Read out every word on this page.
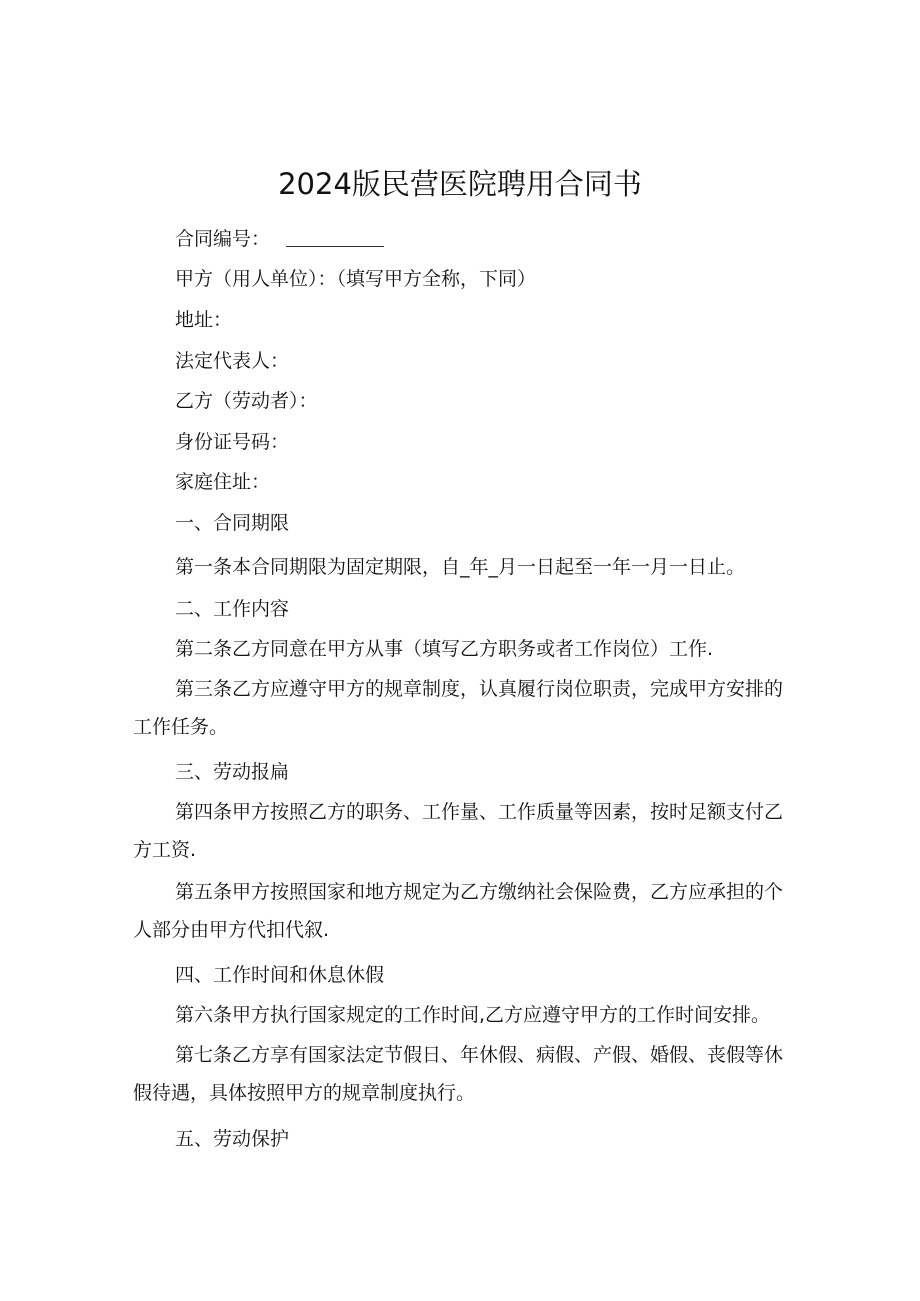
2024版民营医院聘用合同书
合同编号：
甲方（用人单位）：（填写甲方全称，下同）
地址：
法定代表人：
乙方（劳动者）：
身份证号码：
家庭住址：
一、合同期限
第一条本合同期限为固定期限，自_年_月一日起至一年一月一日止。
二、工作内容
第二条乙方同意在甲方从事（填写乙方职务或者工作岗位）工作.
第三条乙方应遵守甲方的规章制度，认真履行岗位职责，完成甲方安排的工作任务。
三、劳动报扁
第四条甲方按照乙方的职务、工作量、工作质量等因素，按时足额支付乙方工资.
第五条甲方按照国家和地方规定为乙方缴纳社会保险费，乙方应承担的个人部分由甲方代扣代叙.
四、工作时间和休息休假
第六条甲方执行国家规定的工作时间,乙方应遵守甲方的工作时间安排。
第七条乙方享有国家法定节假日、年休假、病假、产假、婚假、丧假等休假待遇，具体按照甲方的规章制度执行。
五、劳动保护
